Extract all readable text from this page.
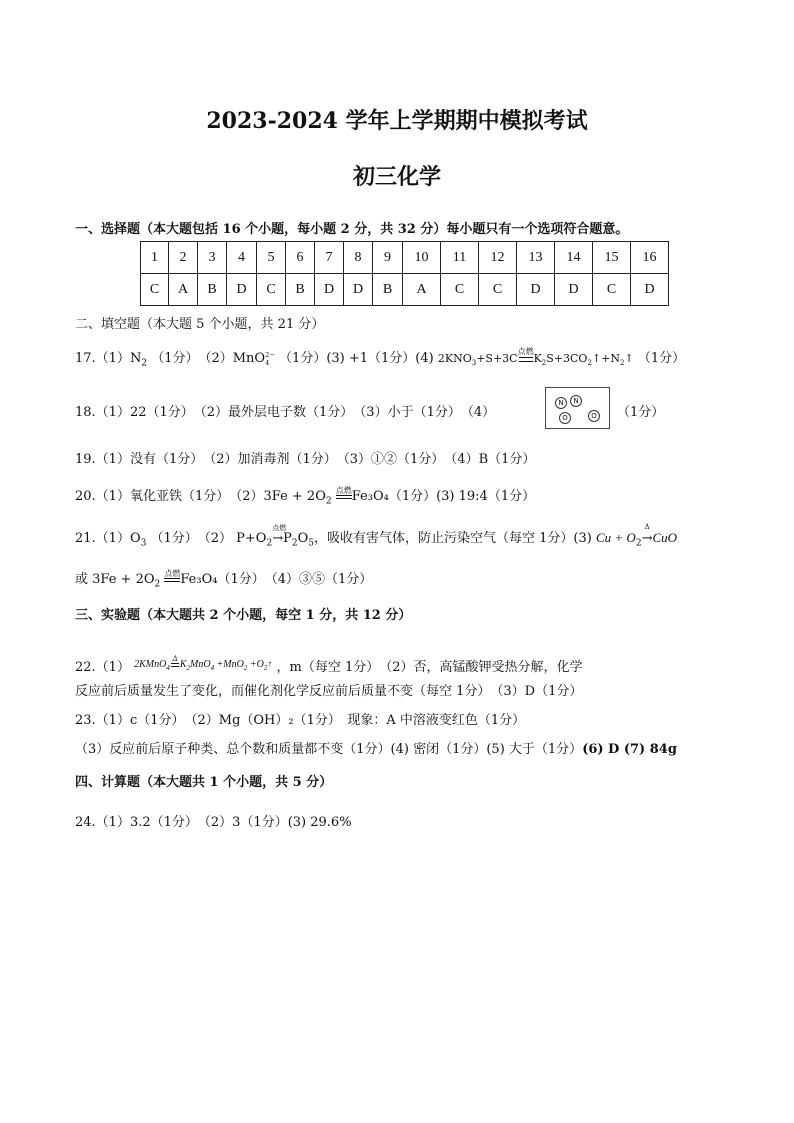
2023-2024 学年上学期期中模拟考试
初三化学
一、选择题（本大题包括 16 个小题，每小题 2 分，共 32 分）每小题只有一个选项符合题意。
1	2	3	4	5	6	7	8	9	10	11	12	13	14	15	16
C	A	B	D	C	B	D	D	B	A	C	C	D	D	C	D
二、填空题（本大题 5 个小题，共 21 分）
$17.(1)N_2$ （1分）　（2）MnO 2−
4 （1分）(3) +1（1分）(4) $2KNO_3+S+3C$
点燃
$K_2S+3CO_2↑+N_2↑$ （1分）
18.（1）22（1分）　（2）最外层电子数（1分）　（3）小于（1分）　（4）
N	N
O	O （1分）
19.（1）没有（1分）　（2）加消毒剂（1分）　（3）①②（1分）　（4）B（1分）
20.（1）氧化亚铁（1分）　$(2)3Fe + 2O_2$
点燃 Fe₃O₄（1分）(3) 19:4（1分）
$21.(1)O_3$ （1分）　（2） $P+O_2\to$
点燃
$P_2O_5$，吸收有害气体，防止污染空气（每空 1分）(3) $Cu + O_2\to$
Δ
CuO
或 $3Fe + 2O_2$
点燃 Fe₃O₄（1分）　（4）③⑤（1分）
三、实验题（本大题共 2 个小题，每空 1 分，共 12 分）
22.（1） 2KMnO$_4$
Δ
$K_2MnO_4 +MnO_2$ $+O_2↑$ ，m（每空 1分）　（2）否，高锰酸钾受热分解，化学
反应前后质量发生了变化，而催化剂化学反应前后质量不变（每空 1分）　（3）D（1分）
23.（1）c（1分）　（2）Mg（OH）₂（1分）　现象：A 中溶液变红色（1分）
（3）反应前后原子种类、总个数和质量都不变（1分）(4) 密闭（1分）(5) 大于（1分）(6) D (7) 84g
四、计算题（本大题共 1 个小题，共 5 分）
24.（1）3.2（1分）　（2）3（1分）(3) 29.6%
